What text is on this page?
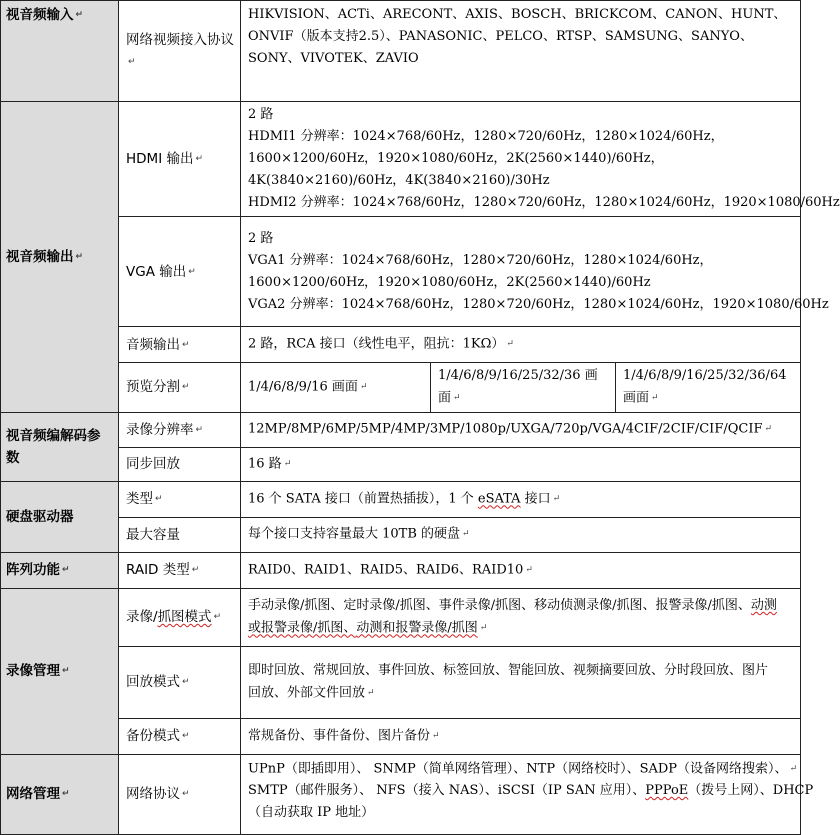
视音频输入 ↵	网络视频接入协议↵	HIKVISION、ACTi、ARECONT、AXIS、BOSCH、BRICKCOM、CANON、HUNT、ONVIF（版本支持2.5）、PANASONIC、PELCO、RTSP、SAMSUNG、SANYO、SONY、VIVOTEK、ZAVIO		
视音频输出 ↵	HDMI 输出 ↵	2 路
HDMI1 分辨率：1024×768/60Hz，1280×720/60Hz，1280×1024/60Hz，1600×1200/60Hz，1920×1080/60Hz，2K(2560×1440)/60Hz，4K(3840×2160)/60Hz，4K(3840×2160)/30Hz
HDMI2 分辨率：1024×768/60Hz，1280×720/60Hz，1280×1024/60Hz，1920×1080/60Hz		

	VGA 输出 ↵	2 路
VGA1 分辨率：1024×768/60Hz，1280×720/60Hz，1280×1024/60Hz，1600×1200/60Hz，1920×1080/60Hz，2K(2560×1440)/60Hz
VGA2 分辨率：1024×768/60Hz，1280×720/60Hz，1280×1024/60Hz，1920×1080/60Hz		

	音频输出 ↵	2 路，RCA 接口（线性电平，阻抗：1KΩ） ↵		
	预览分割 ↵	1/4/6/8/9/16 画面 ↵	1/4/6/8/9/16/25/32/36 画面 ↵	1/4/6/8/9/16/25/32/36/64 画面 ↵
视音频编解码参数	录像分辨率 ↵	12MP/8MP/6MP/5MP/4MP/3MP/1080p/UXGA/720p/VGA/4CIF/2CIF/CIF/QCIF ↵		
	同步回放	16 路 ↵		
硬盘驱动器	类型 ↵	16 个 SATA 接口（前置热插拔），1 个 eSATA 接口 ↵		
	最大容量	每个接口支持容量最大 10TB 的硬盘 ↵		
阵列功能 ↵	RAID 类型 ↵	RAID0、RAID1、RAID5、RAID6、RAID10 ↵		
录像管理 ↵	录像/抓图模式 ↵	手动录像/抓图、定时录像/抓图、事件录像/抓图、移动侦测录像/抓图、报警录像/抓图、动测
或报警录像/抓图、动测和报警录像/抓图 ↵		

	回放模式 ↵	即时回放、常规回放、事件回放、标签回放、智能回放、视频摘要回放、分时段回放、图片
回放、外部文件回放 ↵		

	备份模式 ↵	常规备份、事件备份、图片备份 ↵		
网络管理 ↵	网络协议 ↵	UPnP（即插即用）、 SNMP（简单网络管理）、NTP（网络校时）、SADP（设备网络搜索）、 ↵
SMTP（邮件服务）、 NFS（接入 NAS）、iSCSI（IP SAN 应用）、PPPoE（拨号上网）、DHCP
（自动获取 IP 地址）		
